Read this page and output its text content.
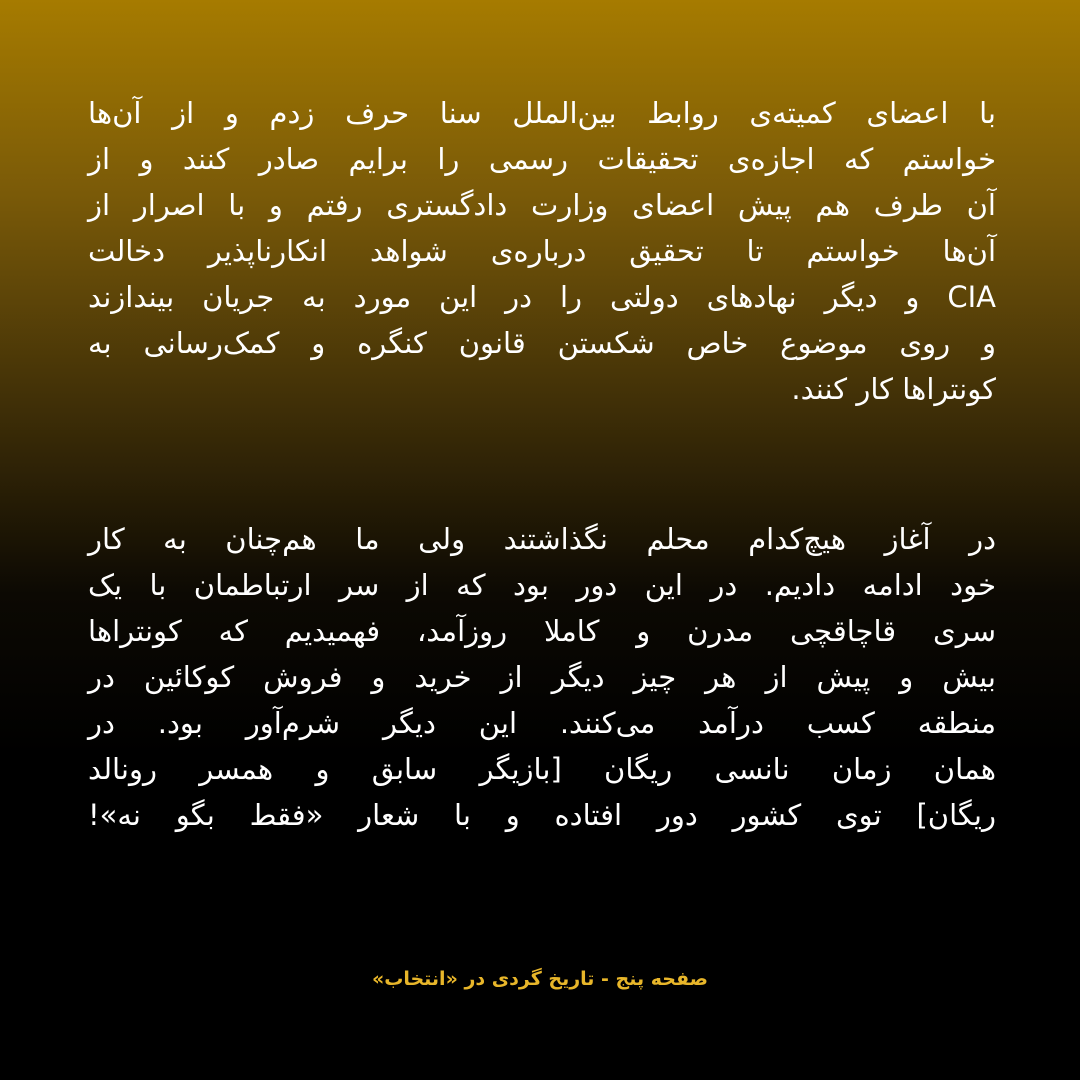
با اعضای کمیته‌ی روابط بین‌الملل سنا حرف زدم و از آن‌ها
خواستم که اجازه‌ی تحقیقات رسمی را برایم صادر کنند و از
آن طرف هم پیش اعضای وزارت دادگستری رفتم و با اصرار از
آن‌ها خواستم تا تحقیق درباره‌ی شواهد انکارناپذیر دخالت
CIA و دیگر نهادهای دولتی را در این مورد به جریان بیندازند
و روی موضوع خاص شکستن قانون کنگره و کمک‌رسانی به
کونتراها کار کنند.
در آغاز هیچ‌کدام محلم نگذاشتند ولی ما هم‌چنان به کار
خود ادامه دادیم. در این دور بود که از سر ارتباطمان با یک
سری قاچاقچی مدرن و کاملا روزآمد، فهمیدیم که کونتراها
بیش و پیش از هر چیز دیگر از خرید و فروش کوکائین در
منطقه کسب درآمد می‌کنند. این دیگر شرم‌آور بود. در
همان زمان نانسی ریگان [بازیگر سابق و همسر رونالد
ریگان] توی کشور دور افتاده و با شعار «فقط بگو نه»!
صفحه پنج - تاریخ گردی در «انتخاب»
